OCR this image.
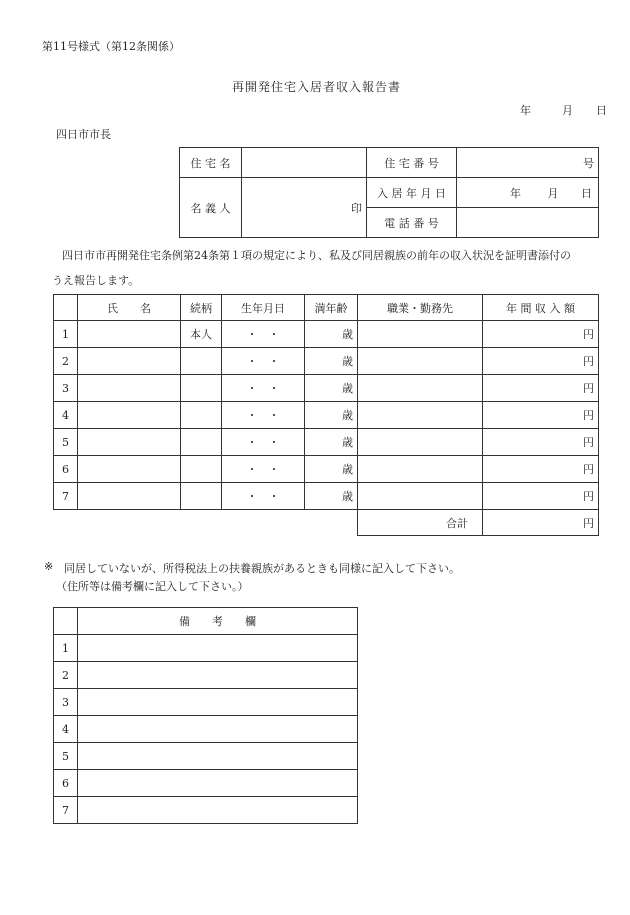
第11号様式（第12条関係）
再開発住宅入居者収入報告書
年	月 日
四日市市長
住 宅 名		住 宅 番 号	号
名 義 人	印	入 居 年 月 日	年 月 日
		電 話 番 号	
四日市市再開発住宅条例第24条第１項の規定により、私及び同居親族の前年の収入状況を証明書添付の
うえ報告します。
	氏　　名	続柄	生年月日	満年齢	職業・勤務先	年 間 収 入 額
1		本人	・　・	歳		円
2			・　・	歳		円
3			・　・	歳		円
4			・　・	歳		円
5			・　・	歳		円
6			・　・	歳		円
7			・　・	歳		円
					合計	円
※ 同居していないが、所得税法上の扶養親族があるときも同様に記入して下さい。
（住所等は備考欄に記入して下さい。）
	備　　考　　欄
1	
2	
3	
4	
5	
6	
7	
